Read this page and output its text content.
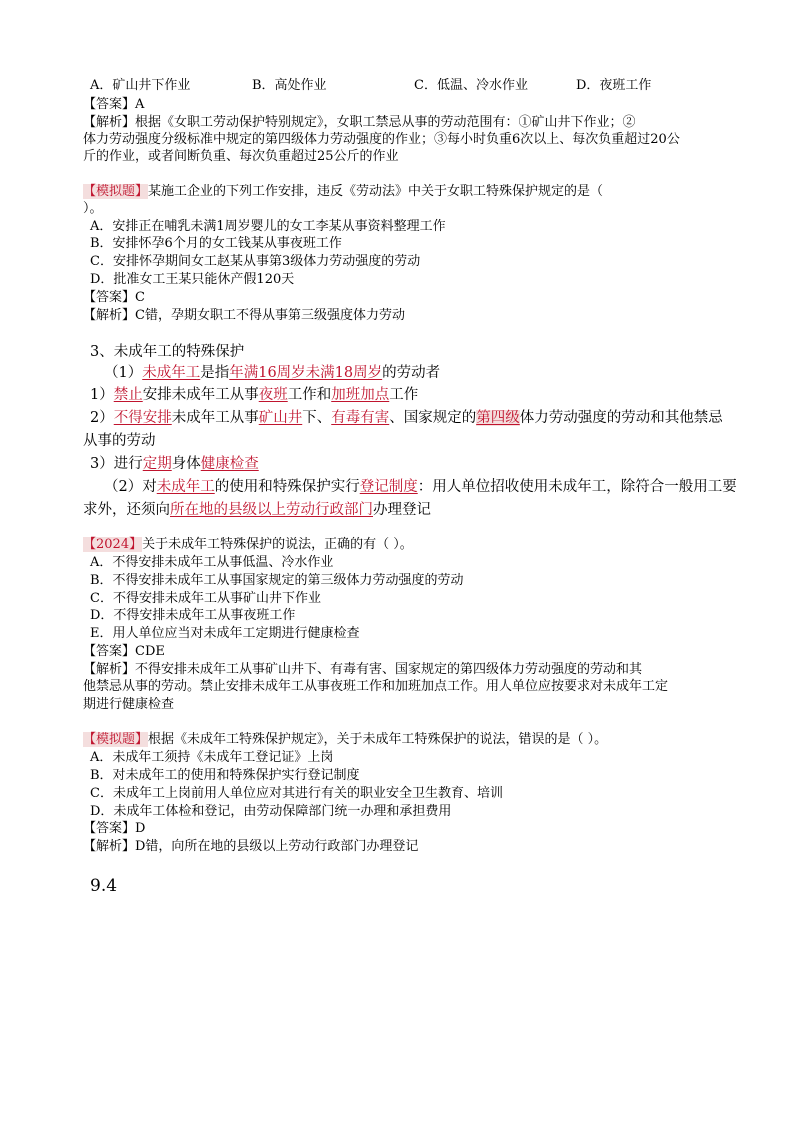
A．矿山井下作业	B．高处作业	C．低温、冷水作业	D．夜班工作
【答案】A
【解析】根据《女职工劳动保护特别规定》，女职工禁忌从事的劳动范围有：①矿山井下作业；②
体力劳动强度分级标准中规定的第四级体力劳动强度的作业；③每小时负重6次以上、每次负重超过20公
斤的作业，或者间断负重、每次负重超过25公斤的作业
【模拟题】某施工企业的下列工作安排，违反《劳动法》中关于女职工特殊保护规定的是（
）。
A．安排正在哺乳未满1周岁婴儿的女工李某从事资料整理工作
B．安排怀孕6个月的女工钱某从事夜班工作
C．安排怀孕期间女工赵某从事第3级体力劳动强度的劳动
D．批准女工王某只能休产假120天
【答案】C
【解析】C错，孕期女职工不得从事第三级强度体力劳动
3、未成年工的特殊保护
（1）未成年工是指年满16周岁未满18周岁的劳动者
1）禁止安排未成年工从事夜班工作和加班加点工作
2）不得安排未成年工从事矿山井下、有毒有害、国家规定的第四级体力劳动强度的劳动和其他禁忌
从事的劳动
3）进行定期身体健康检查
（2）对未成年工的使用和特殊保护实行登记制度：用人单位招收使用未成年工，除符合一般用工要
求外，还须向所在地的县级以上劳动行政部门办理登记
【2024】关于未成年工特殊保护的说法，正确的有（ ）。
A．不得安排未成年工从事低温、冷水作业
B．不得安排未成年工从事国家规定的第三级体力劳动强度的劳动
C．不得安排未成年工从事矿山井下作业
D．不得安排未成年工从事夜班工作
E．用人单位应当对未成年工定期进行健康检查
【答案】CDE
【解析】不得安排未成年工从事矿山井下、有毒有害、国家规定的第四级体力劳动强度的劳动和其
他禁忌从事的劳动。禁止安排未成年工从事夜班工作和加班加点工作。用人单位应按要求对未成年工定
期进行健康检查
【模拟题】根据《未成年工特殊保护规定》，关于未成年工特殊保护的说法，错误的是（ ）。
A．未成年工须持《未成年工登记证》上岗
B．对未成年工的使用和特殊保护实行登记制度
C．未成年工上岗前用人单位应对其进行有关的职业安全卫生教育、培训
D．未成年工体检和登记，由劳动保障部门统一办理和承担费用
【答案】D
【解析】D错，向所在地的县级以上劳动行政部门办理登记
9.4
